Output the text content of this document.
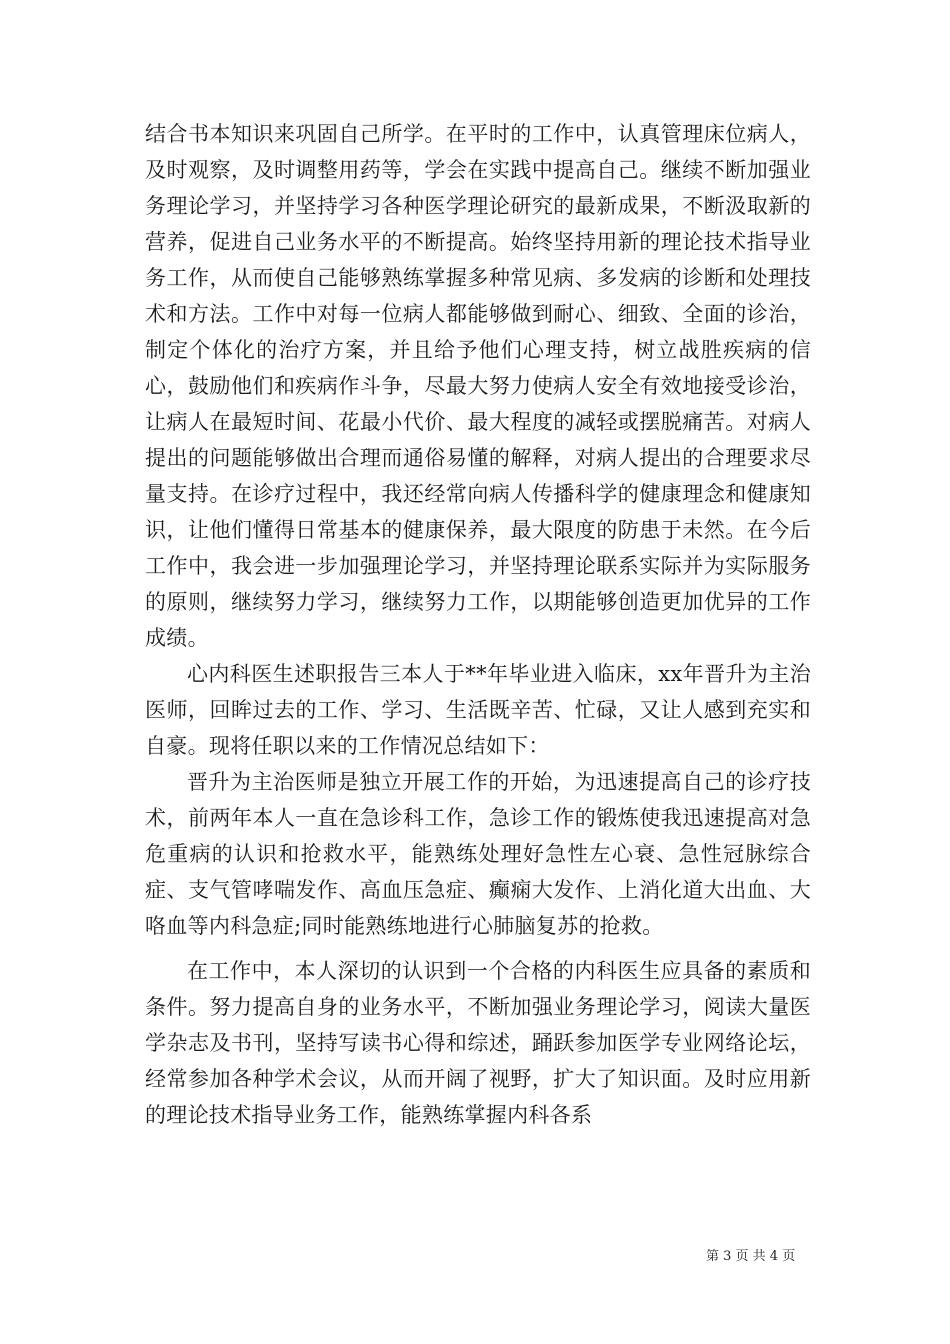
结合书本知识来巩固自己所学。在平时的工作中，认真管理床位病人，及时观察，及时调整用药等，学会在实践中提高自己。继续不断加强业务理论学习，并坚持学习各种医学理论研究的最新成果，不断汲取新的营养，促进自己业务水平的不断提高。始终坚持用新的理论技术指导业务工作，从而使自己能够熟练掌握多种常见病、多发病的诊断和处理技术和方法。工作中对每一位病人都能够做到耐心、细致、全面的诊治，制定个体化的治疗方案，并且给予他们心理支持，树立战胜疾病的信心，鼓励他们和疾病作斗争，尽最大努力使病人安全有效地接受诊治，让病人在最短时间、花最小代价、最大程度的减轻或摆脱痛苦。对病人提出的问题能够做出合理而通俗易懂的解释，对病人提出的合理要求尽量支持。在诊疗过程中，我还经常向病人传播科学的健康理念和健康知识，让他们懂得日常基本的健康保养，最大限度的防患于未然。在今后工作中，我会进一步加强理论学习，并坚持理论联系实际并为实际服务的原则，继续努力学习，继续努力工作，以期能够创造更加优异的工作成绩。

心内科医生述职报告三本人于**年毕业进入临床，xx年晋升为主治医师，回眸过去的工作、学习、生活既辛苦、忙碌，又让人感到充实和自豪。现将任职以来的工作情况总结如下：

晋升为主治医师是独立开展工作的开始，为迅速提高自己的诊疗技术，前两年本人一直在急诊科工作，急诊工作的锻炼使我迅速提高对急危重病的认识和抢救水平，能熟练处理好急性左心衰、急性冠脉综合症、支气管哮喘发作、高血压急症、癫痫大发作、上消化道大出血、大咯血等内科急症;同时能熟练地进行心肺脑复苏的抢救。

在工作中，本人深切的认识到一个合格的内科医生应具备的素质和条件。努力提高自身的业务水平，不断加强业务理论学习，阅读大量医学杂志及书刊，坚持写读书心得和综述，踊跃参加医学专业网络论坛，经常参加各种学术会议，从而开阔了视野，扩大了知识面。及时应用新的理论技术指导业务工作，能熟练掌握内科各系

第 3 页 共 4 页
